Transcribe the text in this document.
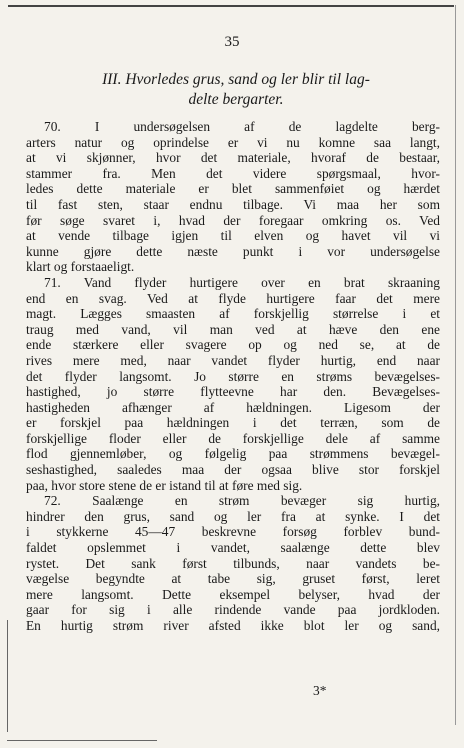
35
III. Hvorledes grus, sand og ler blir til lag-
delte bergarter.
70. I undersøgelsen af de lagdelte berg-
arters natur og oprindelse er vi nu komne saa langt,
at vi skjønner, hvor det materiale, hvoraf de bestaar,
stammer fra. Men det videre spørgsmaal, hvor-
ledes dette materiale er blet sammenføiet og hærdet
til fast sten, staar endnu tilbage. Vi maa her som
før søge svaret i, hvad der foregaar omkring os. Ved
at vende tilbage igjen til elven og havet vil vi
kunne gjøre dette næste punkt i vor undersøgelse
klart og forstaaeligt.
71. Vand flyder hurtigere over en brat skraaning
end en svag. Ved at flyde hurtigere faar det mere
magt. Lægges smaasten af forskjellig størrelse i et
traug med vand, vil man ved at hæve den ene
ende stærkere eller svagere op og ned se, at de
rives mere med, naar vandet flyder hurtig, end naar
det flyder langsomt. Jo større en strøms bevægelses-
hastighed, jo større flytteevne har den. Bevægelses-
hastigheden afhænger af hældningen. Ligesom der
er forskjel paa hældningen i det terræn, som de
forskjellige floder eller de forskjellige dele af samme
flod gjennemløber, og følgelig paa strømmens bevægel-
seshastighed, saaledes maa der ogsaa blive stor forskjel
paa, hvor store stene de er istand til at føre med sig.
72. Saalænge en strøm bevæger sig hurtig,
hindrer den grus, sand og ler fra at synke. I det
i stykkerne 45—47 beskrevne forsøg forblev bund-
faldet opslemmet i vandet, saalænge dette blev
rystet. Det sank først tilbunds, naar vandets be-
vægelse begyndte at tabe sig, gruset først, leret
mere langsomt. Dette eksempel belyser, hvad der
gaar for sig i alle rindende vande paa jordkloden.
En hurtig strøm river afsted ikke blot ler og sand,
3*
